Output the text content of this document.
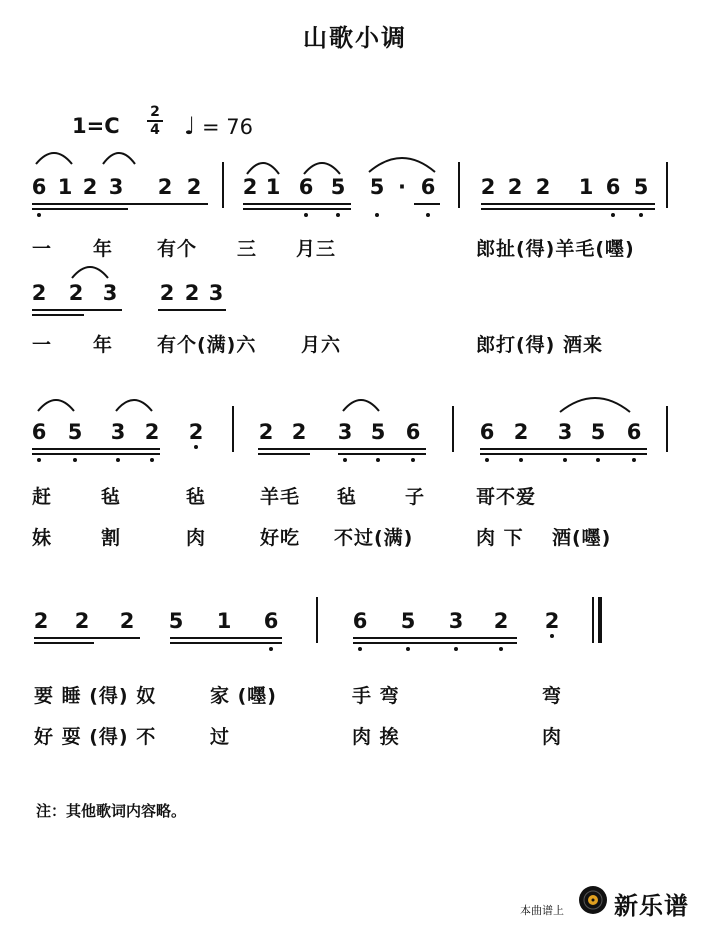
山歌小调
1=C
2
4 ♩ = 76
6 1 2 3 2 2 2 1 6 5 5 · 6 2 2 2 1 6 5
一 年 有个 三 月三	郎扯(得)羊毛(嚜)
2 2 3 2 2 3
一 年 有个(满)六 月六	郎打(得) 酒来
6 5 3 2 2	2 2 3 5 6	6 2 3 5 6
赶	毡	毡	羊毛 毡	子	哥不爱
妹	割	肉	好吃 不过(满)	肉 下 酒(嚜)
2 2 2 5 1 6	6 5 3 2 2
要 睡 (得) 奴	家 (嚜)	手 弯	弯
好 耍 (得) 不	过	肉 挨	肉
注：其他歌词内容略。
本曲谱上 新乐谱
